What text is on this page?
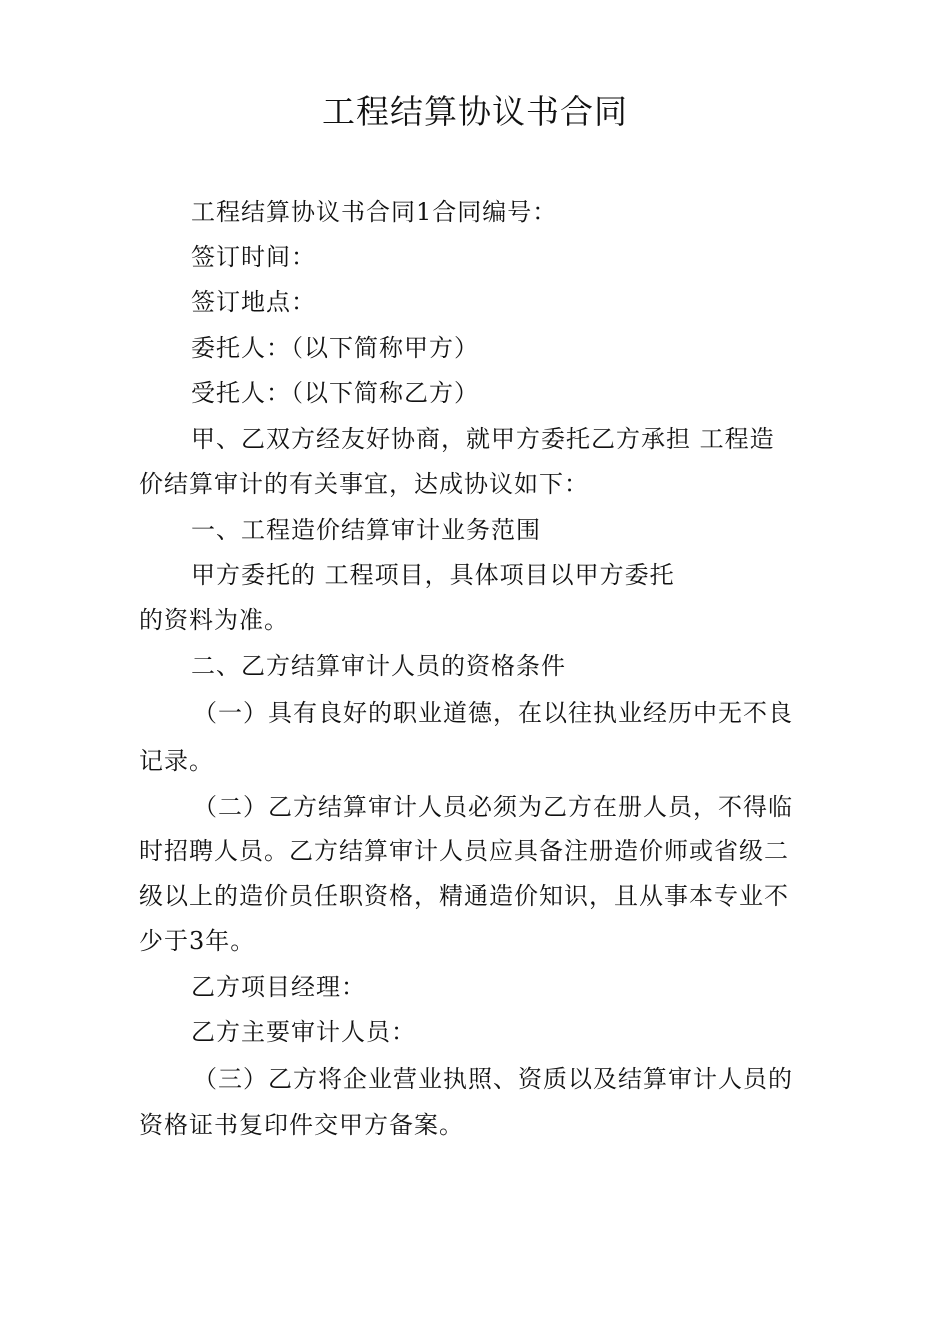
工程结算协议书合同

工程结算协议书合同1合同编号：

签订时间：

签订地点：

委托人：（以下简称甲方）

受托人：（以下简称乙方）

甲、乙双方经友好协商，就甲方委托乙方承担 工程造

价结算审计的有关事宜，达成协议如下：

一、工程造价结算审计业务范围

甲方委托的 工程项目，具体项目以甲方委托

的资料为准。

二、乙方结算审计人员的资格条件

（一）具有良好的职业道德，在以往执业经历中无不良

记录。

（二）乙方结算审计人员必须为乙方在册人员，不得临

时招聘人员。乙方结算审计人员应具备注册造价师或省级二

级以上的造价员任职资格，精通造价知识，且从事本专业不

少于3年。

乙方项目经理：

乙方主要审计人员：

（三）乙方将企业营业执照、资质以及结算审计人员的

资格证书复印件交甲方备案。
